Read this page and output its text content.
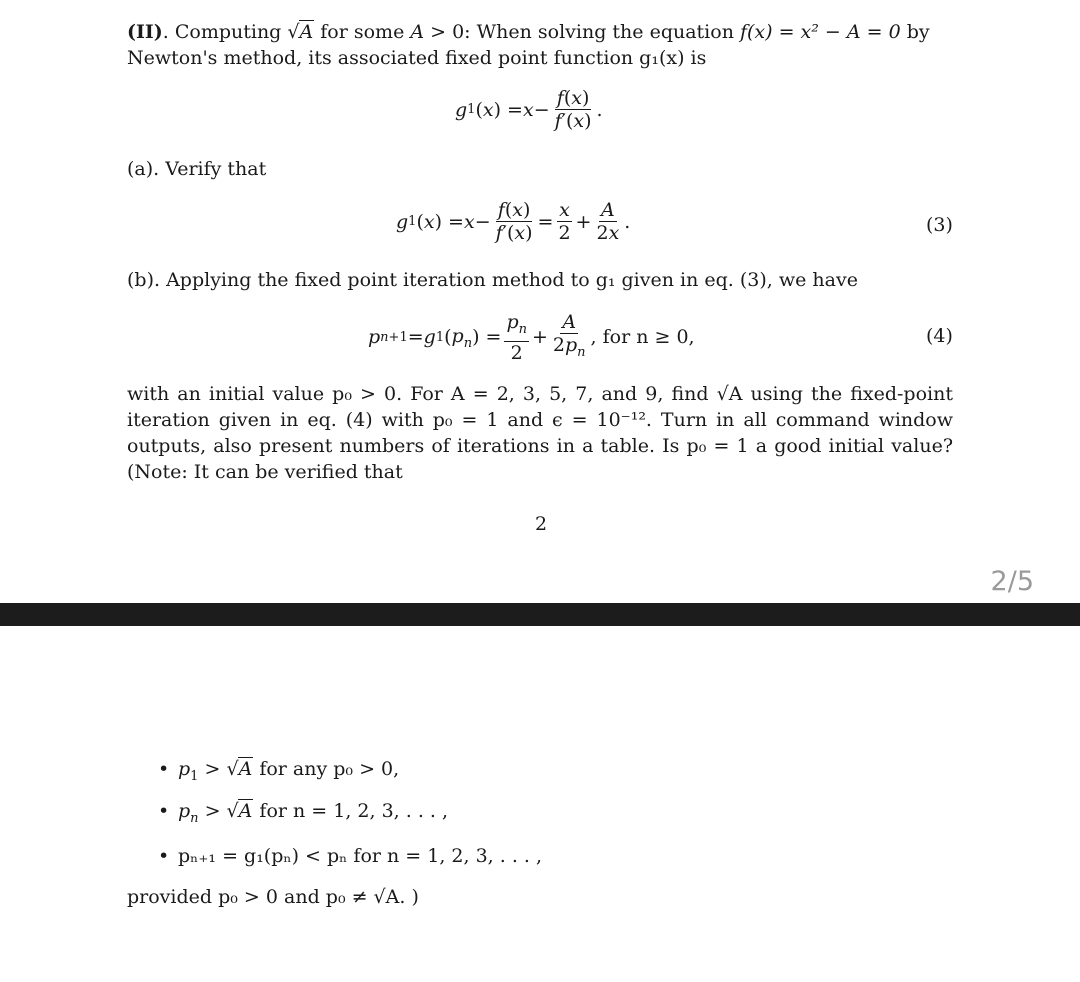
(II). Computing √A for some A > 0: When solving the equation f(x) = x² − A = 0 by
Newton's method, its associated fixed point function g₁(x) is
g 1 ( x ) = $x - \frac{f(x)}{f'(x)}$ .
(a). Verify that
g 1 ( x ) = $x - \frac{f(x)}{f'(x)} = \frac{x}{2} + \frac{A}{2x}$ .	(3)
(b). Applying the fixed point iteration method to g₁ given in eq. (3), we have
p n+1 = g 1 ( $p_n$ ) = $\frac{p_n}{2} + \frac{A}{2p_n}$ , for n ≥ 0,	(4)
with an initial value p₀ > 0. For A = 2, 3, 5, 7, and 9, find √A using the fixed-point iteration given in eq. (4) with p₀ = 1 and ϵ = 10⁻¹². Turn in all command window outputs, also present numbers of iterations in a table. Is p₀ = 1 a good initial value? (Note: It can be verified that
2
2/5
• $p_1 > √A$ for any p₀ > 0,
• $p_n > √A$ for n = 1, 2, 3, . . . ,
• pₙ₊₁ = g₁(pₙ) < pₙ for n = 1, 2, 3, . . . ,
provided p₀ > 0 and p₀ ≠ √A. )
